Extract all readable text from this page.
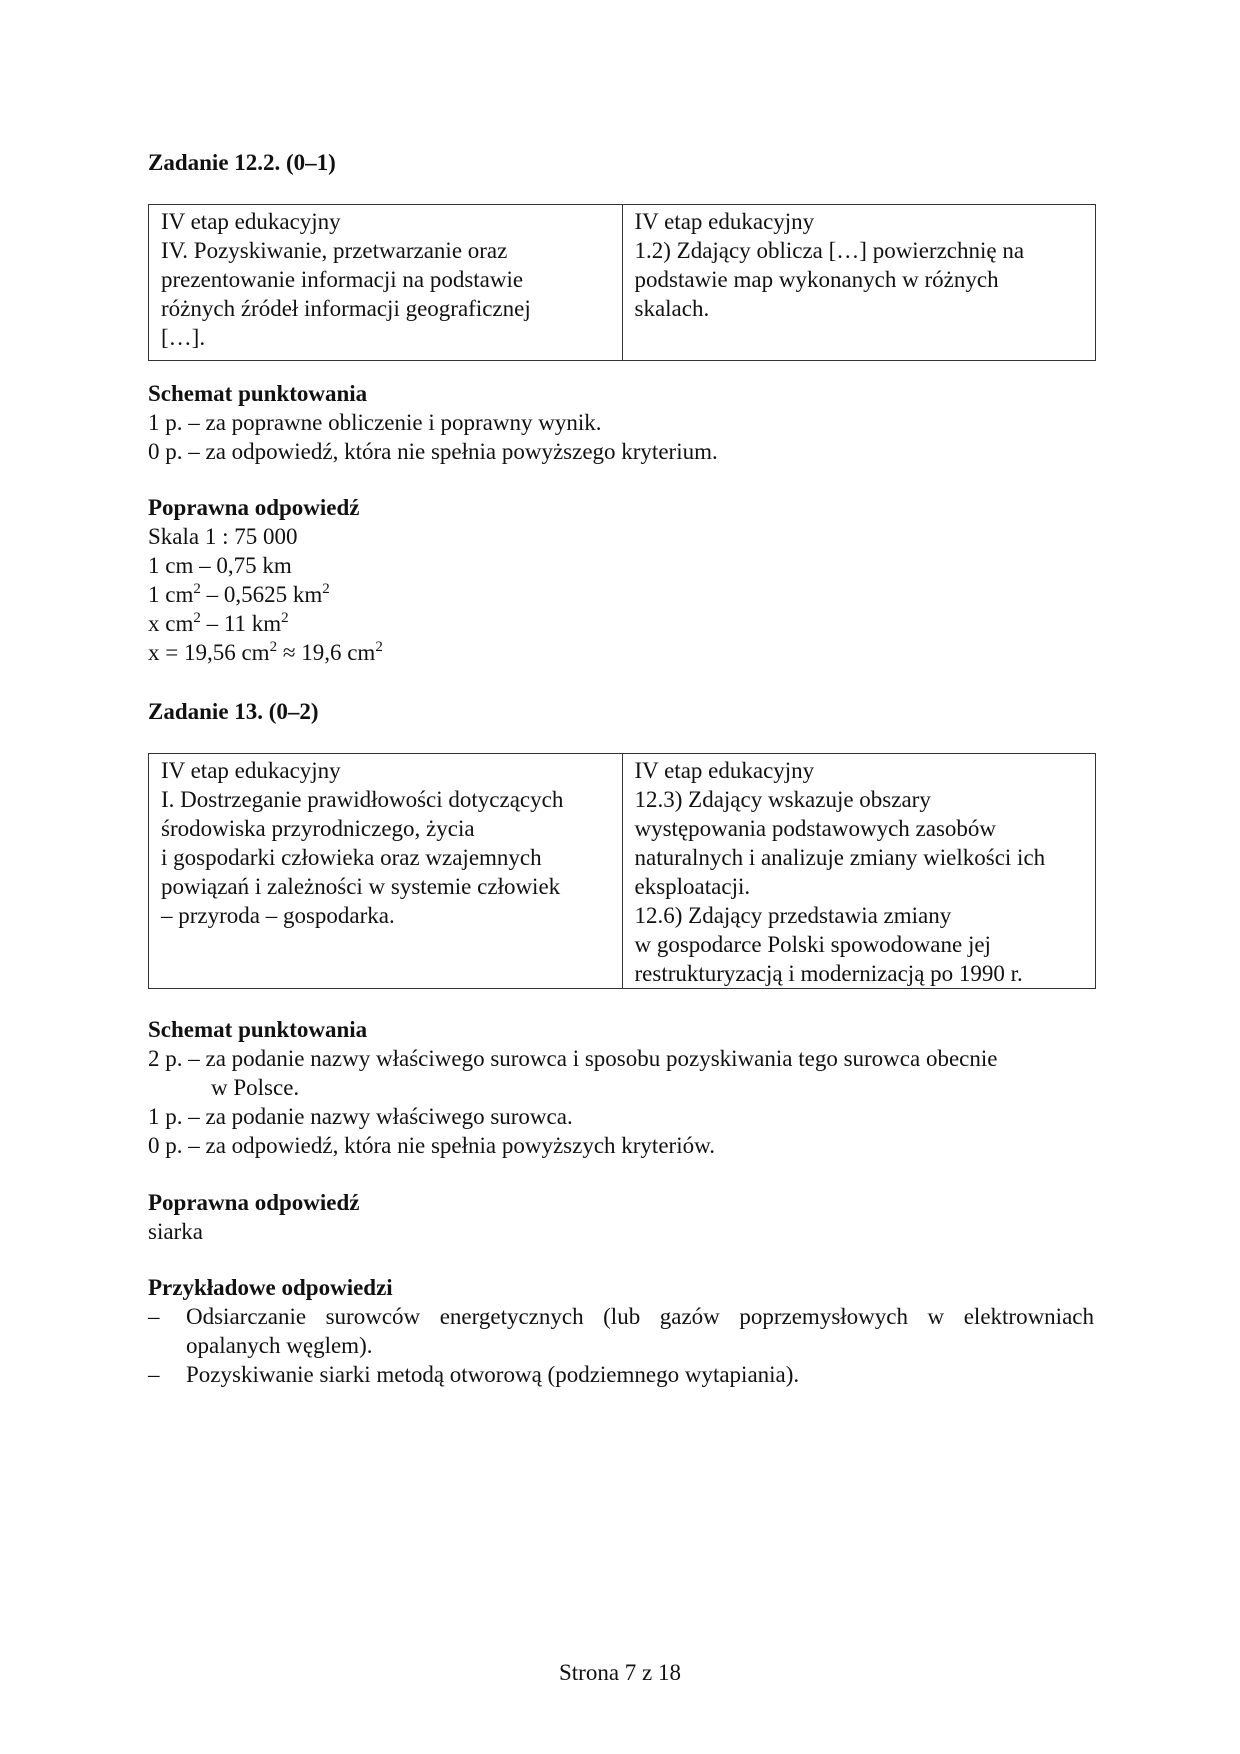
Zadanie 12.2. (0–1)
IV etap edukacyjny
IV. Pozyskiwanie, przetwarzanie oraz
prezentowanie informacji na podstawie
różnych źródeł informacji geograficznej
[…].

IV etap edukacyjny
1.2) Zdający oblicza […] powierzchnię na
podstawie map wykonanych w różnych
skalach.
Schemat punktowania
1 p. – za poprawne obliczenie i poprawny wynik.
0 p. – za odpowiedź, która nie spełnia powyższego kryterium.
Poprawna odpowiedź
Skala 1 : 75 000
1 cm – 0,75 km
1 $cm^2 - 0,5625$ $km^2$
x $cm^2 - 11$ $km^2$
x = 19,56 $cm^2 \approx 19,6$ $cm^2$
Zadanie 13. (0–2)
IV etap edukacyjny
I. Dostrzeganie prawidłowości dotyczących
środowiska przyrodniczego, życia
i gospodarki człowieka oraz wzajemnych
powiązań i zależności w systemie człowiek
– przyroda – gospodarka.

IV etap edukacyjny
12.3) Zdający wskazuje obszary
występowania podstawowych zasobów
naturalnych i analizuje zmiany wielkości ich
eksploatacji.
12.6) Zdający przedstawia zmiany
w gospodarce Polski spowodowane jej
restrukturyzacją i modernizacją po 1990 r.
Schemat punktowania
2 p. – za podanie nazwy właściwego surowca i sposobu pozyskiwania tego surowca obecnie
w Polsce.
1 p. – za podanie nazwy właściwego surowca.
0 p. – za odpowiedź, która nie spełnia powyższych kryteriów.
Poprawna odpowiedź
siarka
Przykładowe odpowiedzi
– Odsiarczanie surowców energetycznych (lub gazów poprzemysłowych w elektrowniach opalanych węglem).
– Pozyskiwanie siarki metodą otworową (podziemnego wytapiania).
Strona 7 z 18
